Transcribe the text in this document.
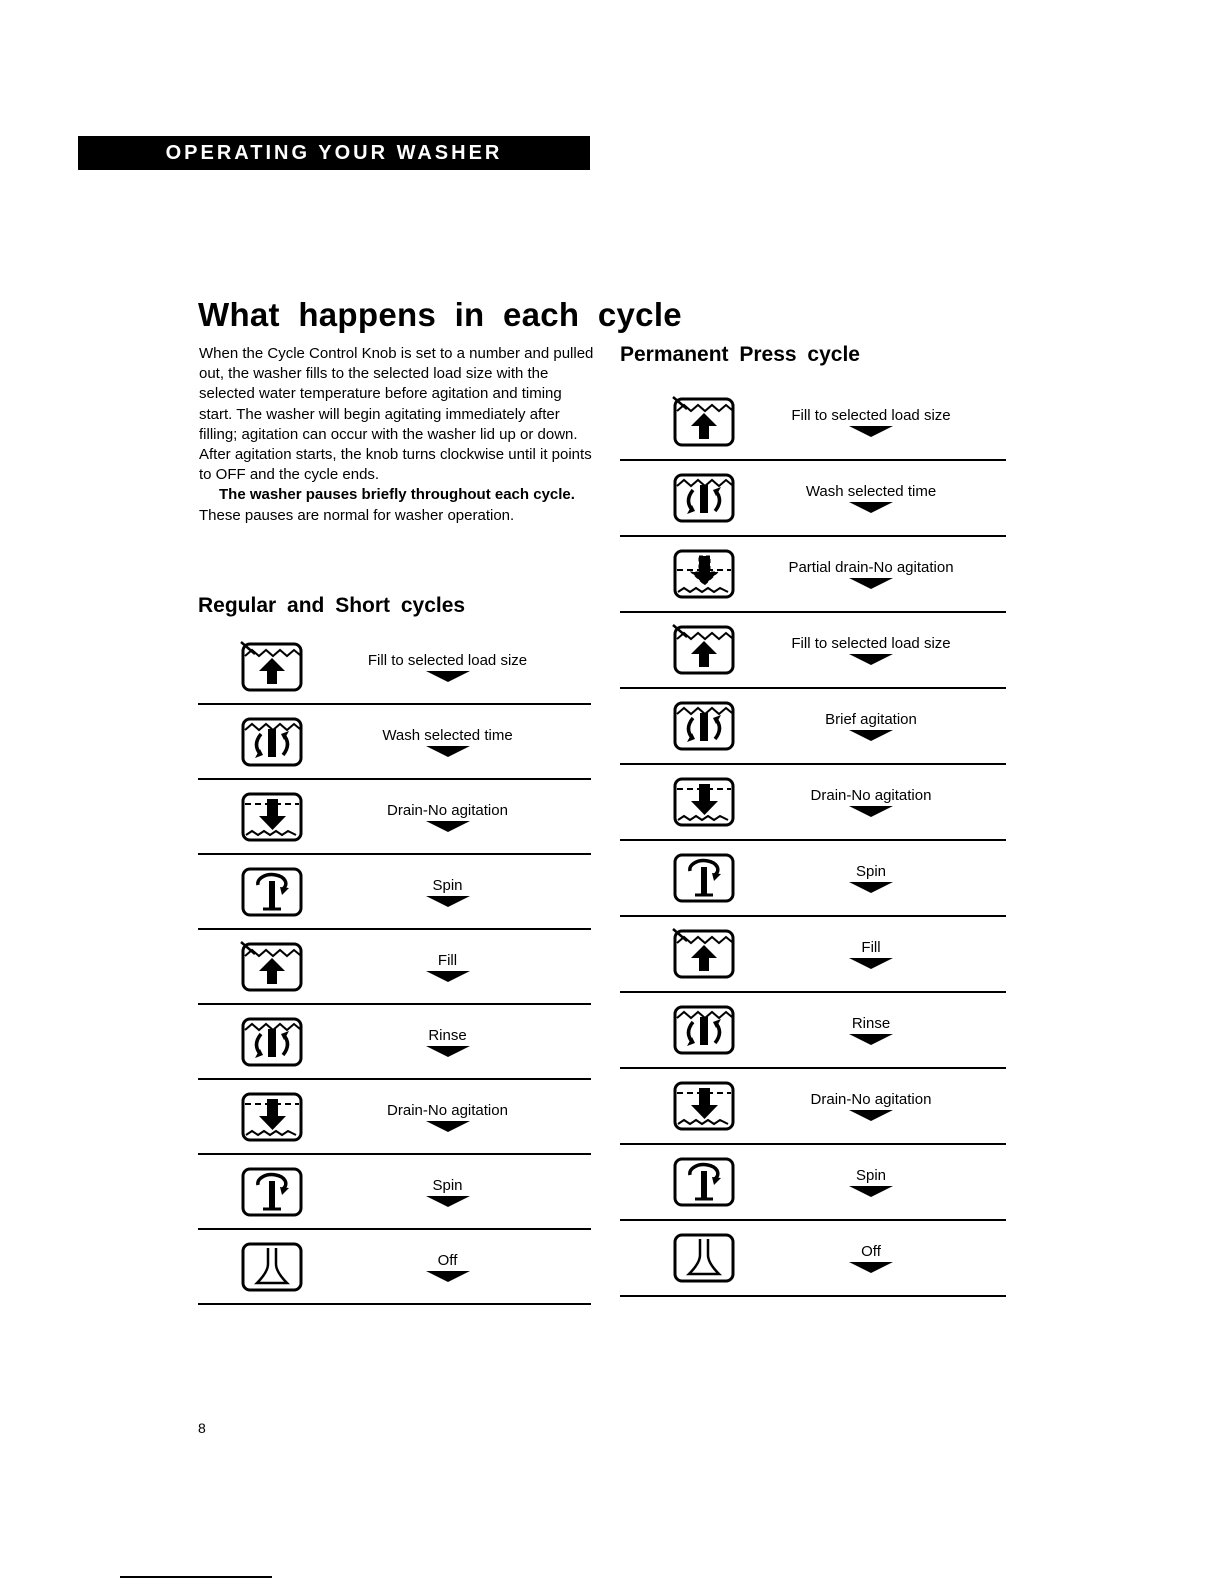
OPERATING YOUR WASHER
What happens in each cycle

When the Cycle Control Knob is set to a number and pulled out, the washer fills to the selected load size with the selected water temperature before agitation and timing start. The washer will begin agitating immediately after filling; agitation can occur with the washer lid up or down. After agitation starts, the knob turns clockwise until it points to OFF and the cycle ends.

The washer pauses briefly throughout each cycle. These pauses are normal for washer operation.

Regular and Short cycles
Fill to selected load size
Wash selected time
Drain-No agitation
Spin
Fill
Rinse
Drain-No agitation
Spin
Off
Permanent Press cycle
Fill to selected load size
Wash selected time
Partial drain-No agitation
Fill to selected load size
Brief agitation
Drain-No agitation
Spin
Fill
Rinse
Drain-No agitation
Spin
Off
8
